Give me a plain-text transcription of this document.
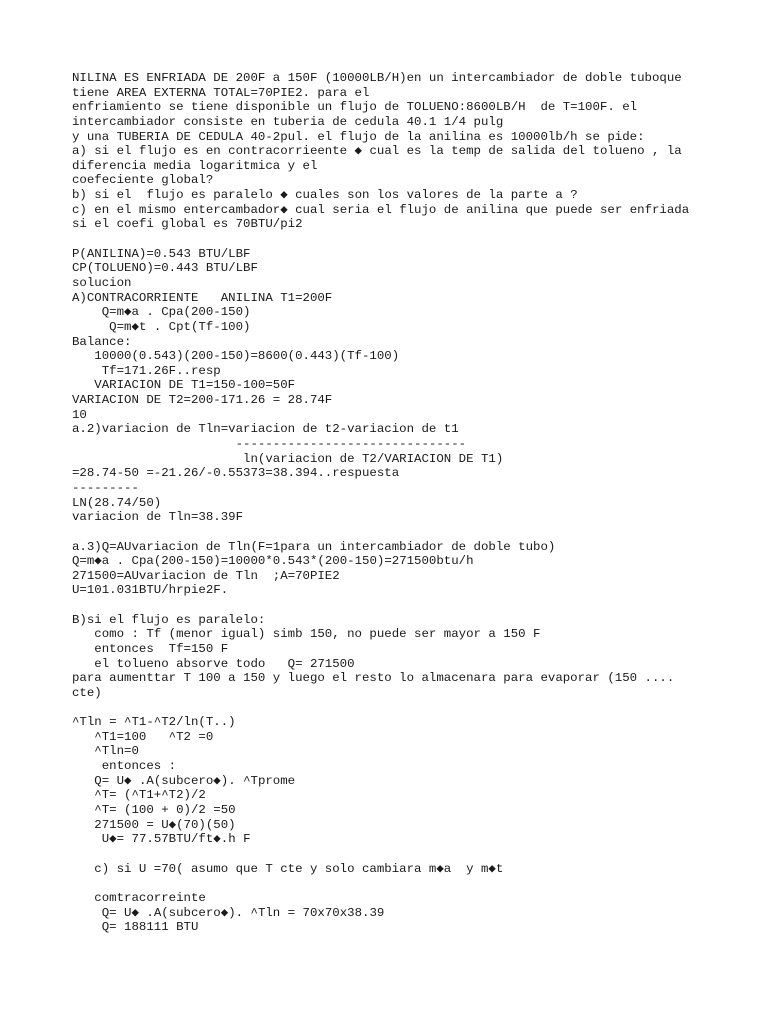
NILINA ES ENFRIADA DE 200F a 150F (10000LB/H)en un intercambiador de doble tuboque
tiene AREA EXTERNA TOTAL=70PIE2. para el
enfriamiento se tiene disponible un flujo de TOLUENO:8600LB/H  de T=100F. el
intercambiador consiste en tuberia de cedula 40.1 1/4 pulg
y una TUBERIA DE CEDULA 40-2pul. el flujo de la anilina es 10000lb/h se pide:
a) si el flujo es en contracorrieente ◆ cual es la temp de salida del tolueno , la
diferencia media logaritmica y el
coefeciente global?
b) si el  flujo es paralelo ◆ cuales son los valores de la parte a ?
c) en el mismo entercambador◆ cual seria el flujo de anilina que puede ser enfriada
si el coefi global es 70BTU/pi2
P(ANILINA)=0.543 BTU/LBF
CP(TOLUENO)=0.443 BTU/LBF
solucion
A)CONTRACORRIENTE   ANILINA T1=200F
Q=m◆a . Cpa(200-150)
Q=m◆t . Cpt(Tf-100)
Balance:
10000(0.543)(200-150)=8600(0.443)(Tf-100)
Tf=171.26F..resp
VARIACION DE T1=150-100=50F
VARIACION DE T2=200-171.26 = 28.74F
10
a.2)variacion de Tln=variacion de t2-variacion de t1
-------------------------------
ln(variacion de T2/VARIACION DE T1)
=28.74-50 =-21.26/-0.55373=38.394..respuesta
---------
LN(28.74/50)
variacion de Tln=38.39F
a.3)Q=AUvariacion de Tln(F=1para un intercambiador de doble tubo)
Q=m◆a . Cpa(200-150)=10000*0.543*(200-150)=271500btu/h
271500=AUvariacion de Tln  ;A=70PIE2
U=101.031BTU/hrpie2F.
B)si el flujo es paralelo:
como : Tf (menor igual) simb 150, no puede ser mayor a 150 F
entonces  Tf=150 F
el tolueno absorve todo   Q= 271500
para aumenttar T 100 a 150 y luego el resto lo almacenara para evaporar (150 ....
cte)
^Tln = ^T1-^T2/ln(T..)
^T1=100   ^T2 =0
^Tln=0
entonces :
Q= U◆ .A(subcero◆). ^Tprome
^T= (^T1+^T2)/2
^T= (100 + 0)/2 =50
271500 = U◆(70)(50)
U◆= 77.57BTU/ft◆.h F
c) si U =70( asumo que T cte y solo cambiara m◆a  y m◆t
comtracorreinte
Q= U◆ .A(subcero◆). ^Tln = 70x70x38.39
Q= 188111 BTU
